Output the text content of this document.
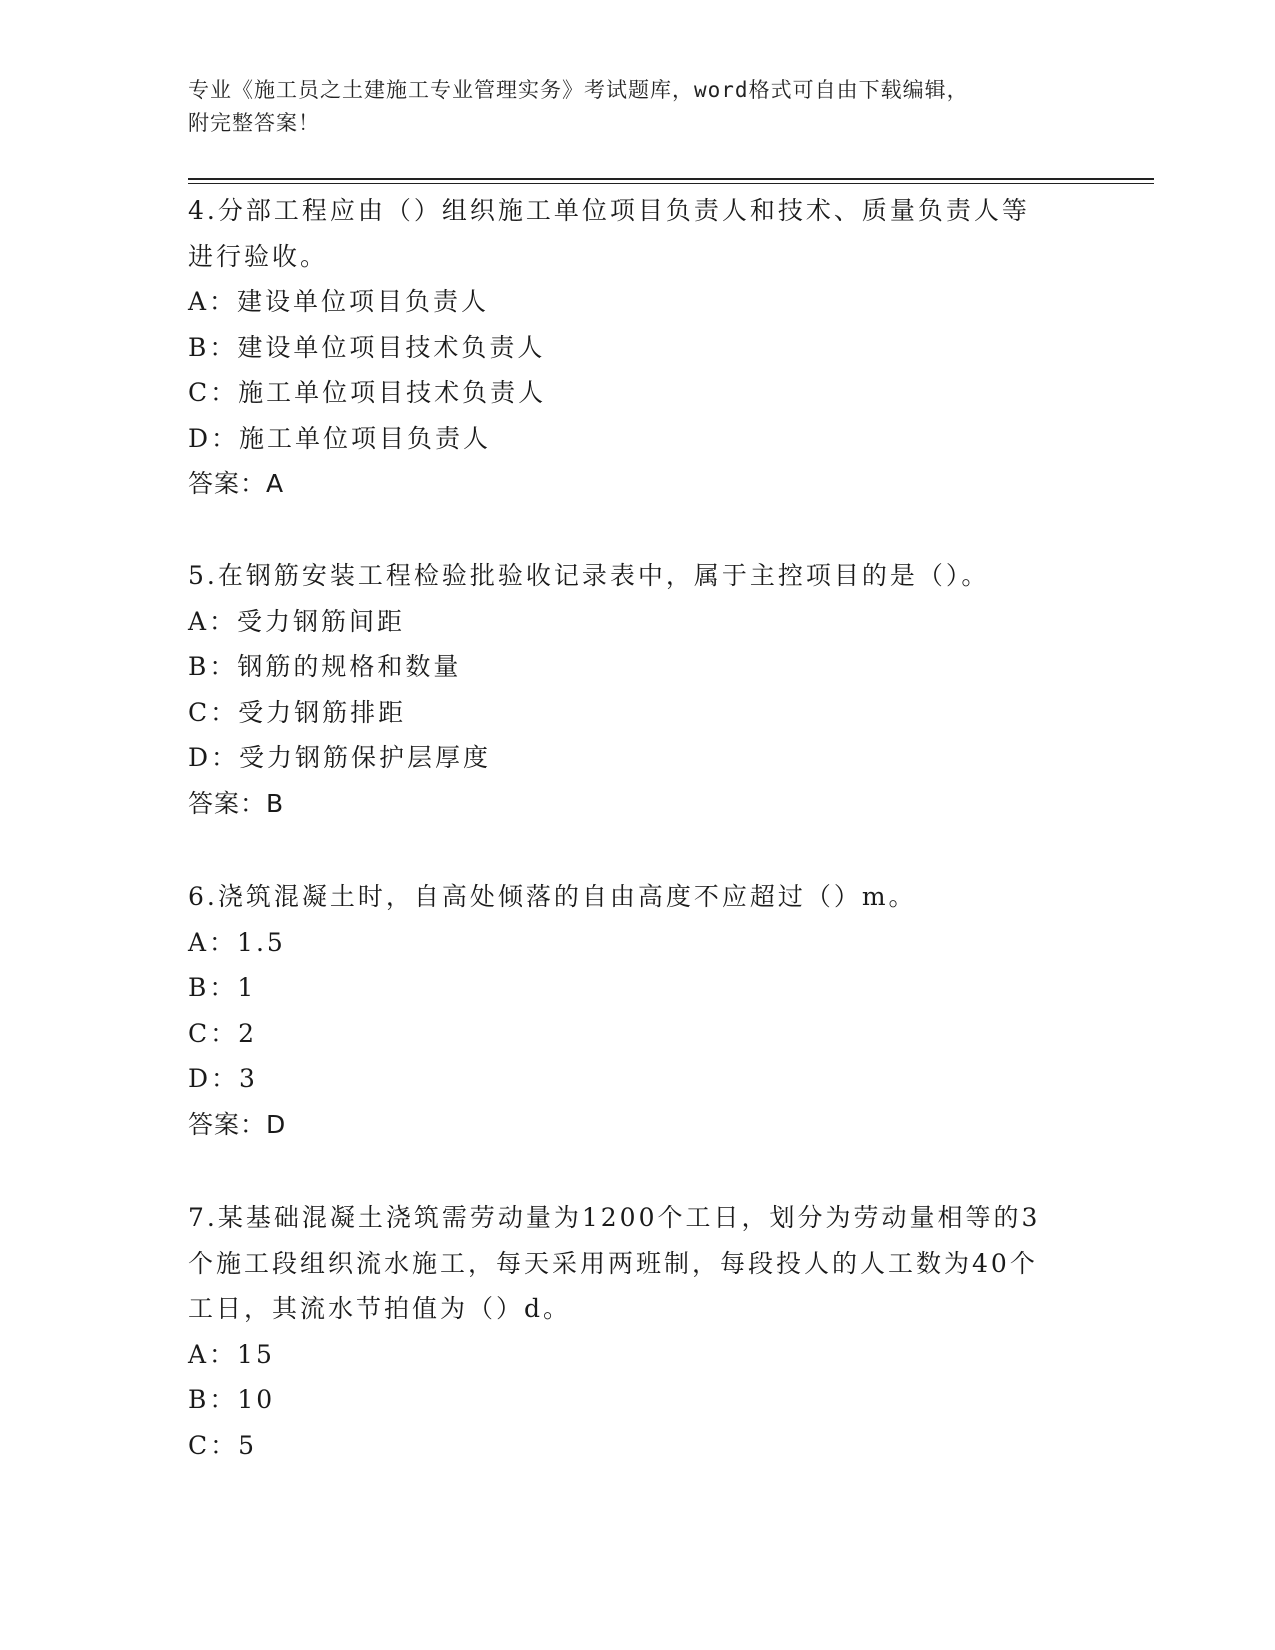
专业《施工员之土建施工专业管理实务》考试题库，word格式可自由下载编辑，
附完整答案！
4.分部工程应由（）组织施工单位项目负责人和技术、质量负责人等
进行验收。
A：建设单位项目负责人
B：建设单位项目技术负责人
C：施工单位项目技术负责人
D：施工单位项目负责人
答案：A
5.在钢筋安装工程检验批验收记录表中，属于主控项目的是（）。
A：受力钢筋间距
B：钢筋的规格和数量
C：受力钢筋排距
D：受力钢筋保护层厚度
答案：B
6.浇筑混凝土时，自高处倾落的自由高度不应超过（）m。
A：1.5
B：1
C：2
D：3
答案：D
7.某基础混凝土浇筑需劳动量为1200个工日，划分为劳动量相等的3
个施工段组织流水施工，每天采用两班制，每段投人的人工数为40个
工日，其流水节拍值为（）d。
A：15
B：10
C：5
